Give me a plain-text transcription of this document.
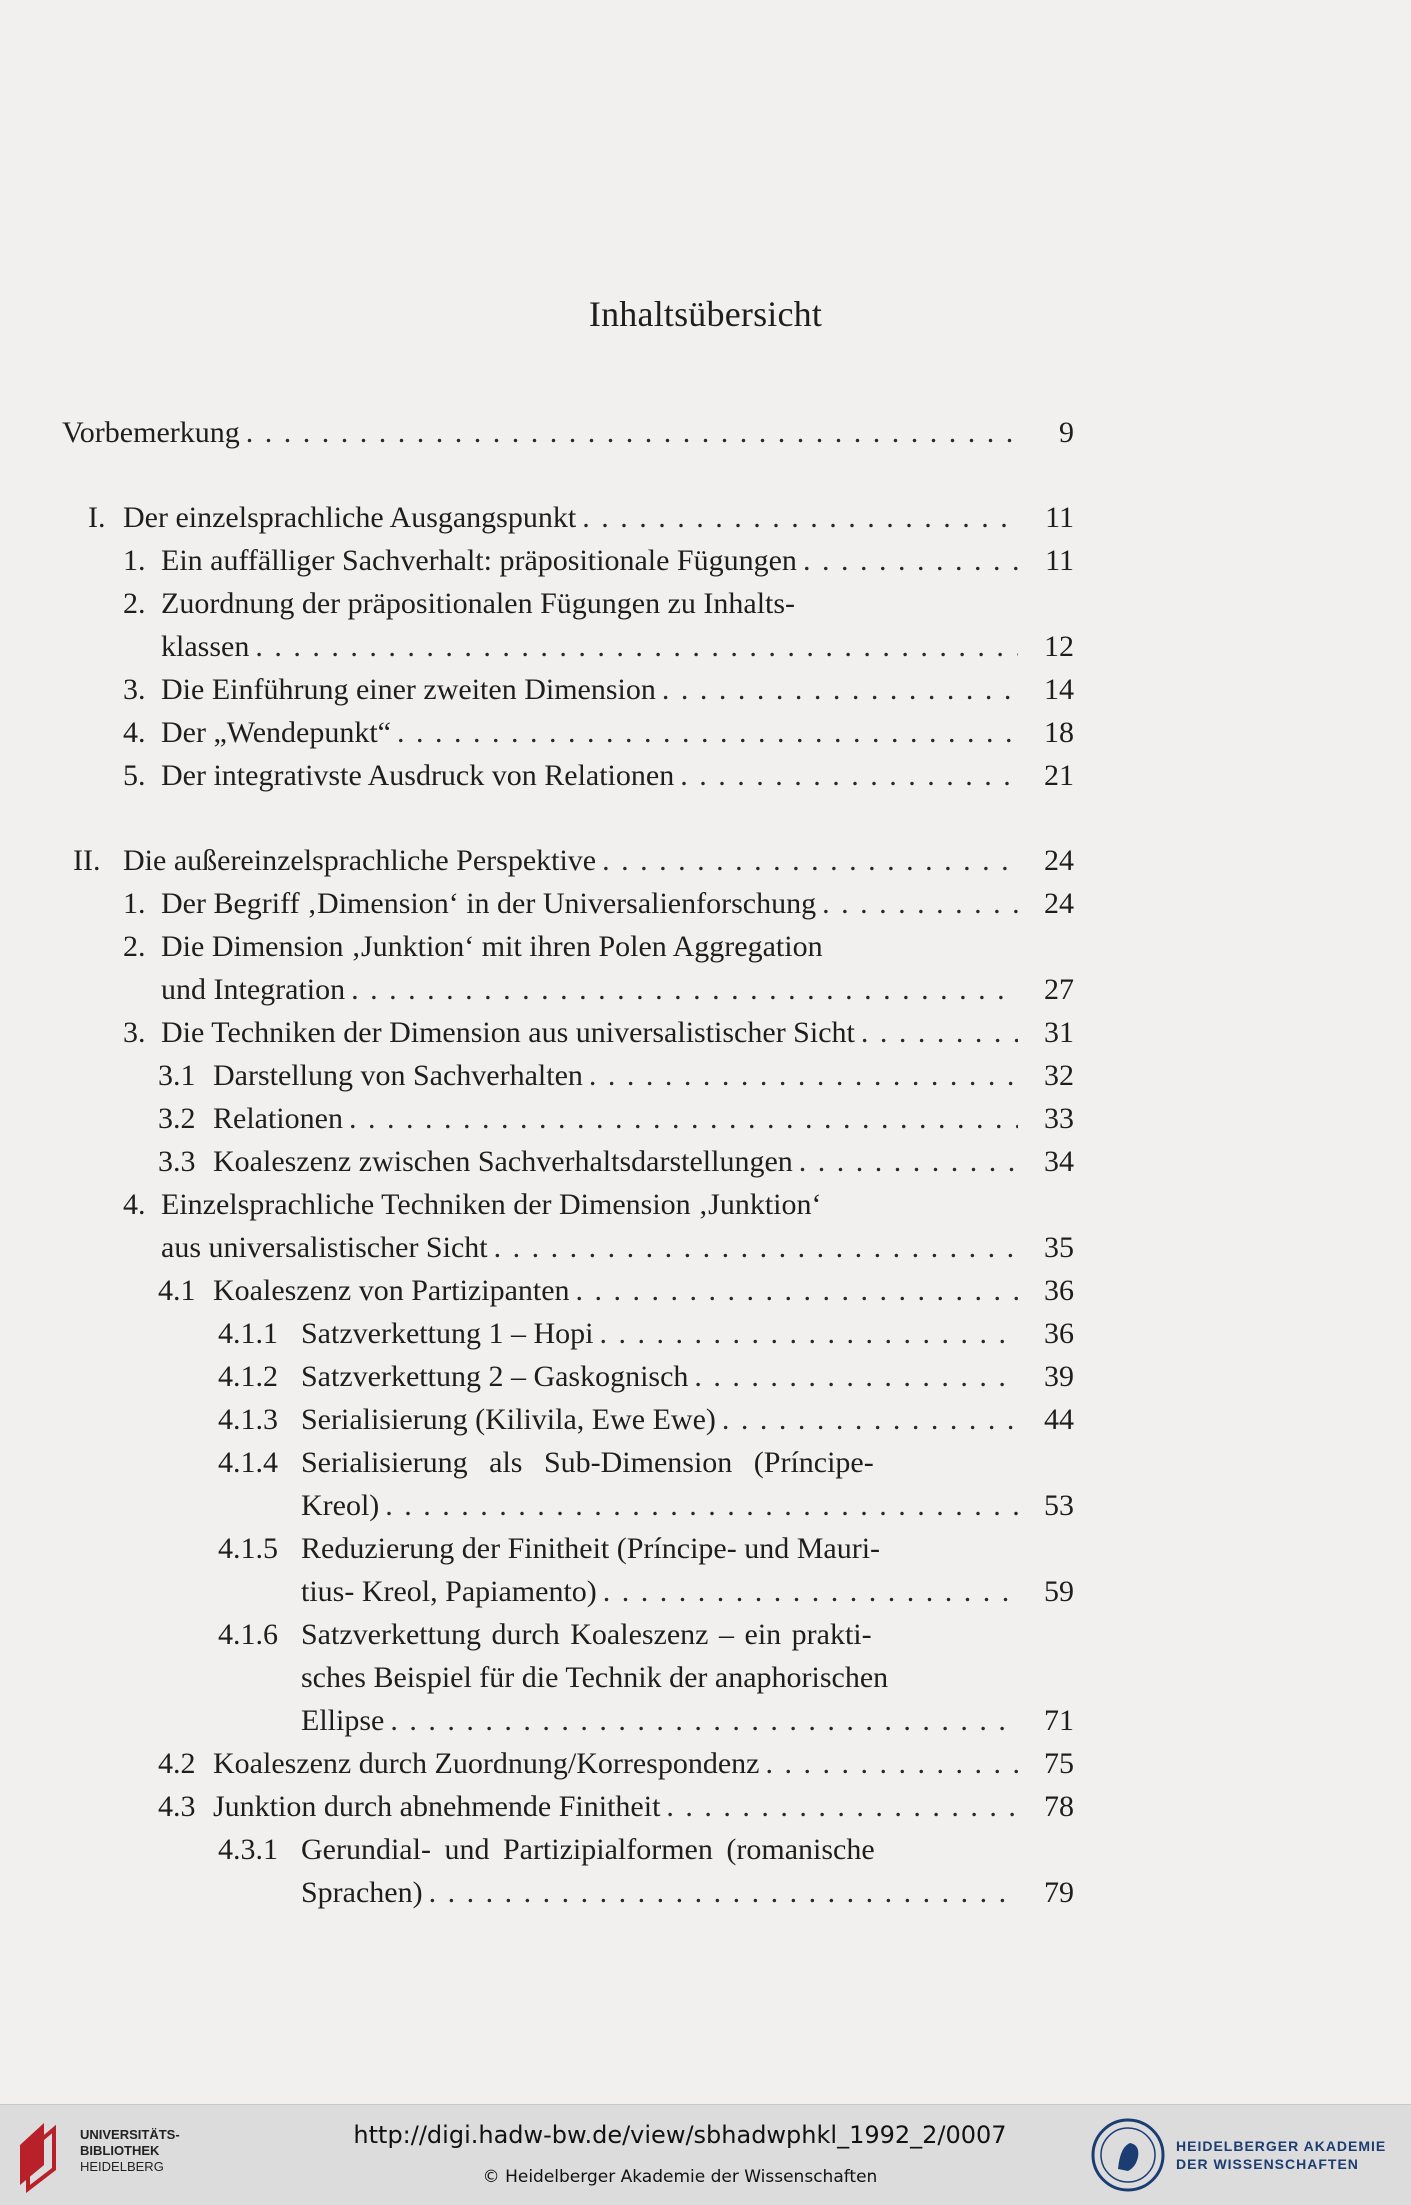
Inhaltsübersicht
Vorbemerkung . . .	9
I. Der einzelsprachliche Ausgangspunkt . . .	11
1. Ein auffälliger Sachverhalt: präpositionale Fügungen . . .	11
2. Zuordnung der präpositionalen Fügungen zu Inhalts-
klassen . . .	12
3. Die Einführung einer zweiten Dimension . . .	14
4. Der „Wendepunkt“ . . .	18
5. Der integrativste Ausdruck von Relationen . . .	21
II. Die außereinzelsprachliche Perspektive . . .	24
1. Der Begriff ‚Dimension‘ in der Universalienforschung . . .	24
2. Die Dimension ‚Junktion‘ mit ihren Polen Aggregation
und Integration . . .	27
3. Die Techniken der Dimension aus universalistischer Sicht . . .	31
3.1 Darstellung von Sachverhalten . . .	32
3.2 Relationen . . .	33
3.3 Koaleszenz zwischen Sachverhaltsdarstellungen . . .	34
4. Einzelsprachliche Techniken der Dimension ‚Junktion‘
aus universalistischer Sicht . . .	35
4.1 Koaleszenz von Partizipanten . . .	36
4.1.1 Satzverkettung 1 – Hopi . . .	36
4.1.2 Satzverkettung 2 – Gaskognisch . . .	39
4.1.3 Serialisierung (Kilivila, Ewe Ewe) . . .	44
4.1.4 Serialisierung als Sub-Dimension (Príncipe-
Kreol) . . .	53
4.1.5 Reduzierung der Finitheit (Príncipe- und Mauri-
tius- Kreol, Papiamento) . . .	59
4.1.6 Satzverkettung durch Koaleszenz – ein prakti-
sches Beispiel für die Technik der anaphorischen
Ellipse . . .	71
4.2 Koaleszenz durch Zuordnung/Korrespondenz . . .	75
4.3 Junktion durch abnehmende Finitheit . . .	78
4.3.1 Gerundial- und Partizipialformen (romanische
Sprachen) . . .	79
UNIVERSITÄTS-
BIBLIOTHEK
HEIDELBERG
http://digi.hadw-bw.de/view/sbhadwphkl_1992_2/0007
© Heidelberger Akademie der Wissenschaften
HEIDELBERGER AKADEMIE
DER WISSENSCHAFTEN
